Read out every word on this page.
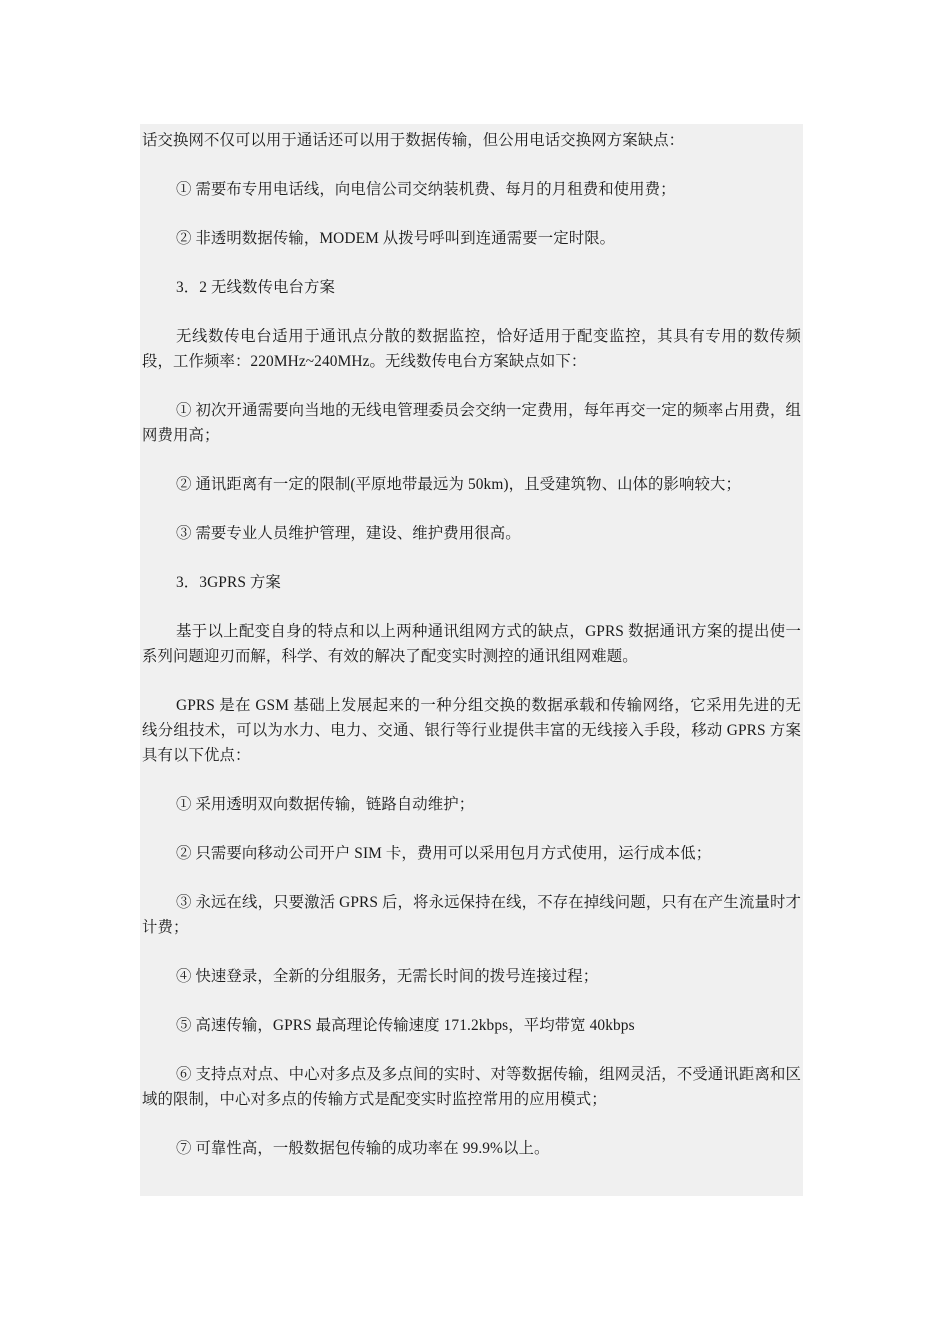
话交换网不仅可以用于通话还可以用于数据传输，但公用电话交换网方案缺点：

① 需要布专用电话线，向电信公司交纳装机费、每月的月租费和使用费；

② 非透明数据传输，MODEM 从拨号呼叫到连通需要一定时限。

3．2 无线数传电台方案

无线数传电台适用于通讯点分散的数据监控，恰好适用于配变监控，其具有专用的数传频段，工作频率：220MHz~240MHz。无线数传电台方案缺点如下：

① 初次开通需要向当地的无线电管理委员会交纳一定费用，每年再交一定的频率占用费，组网费用高；

② 通讯距离有一定的限制(平原地带最远为 50km)，且受建筑物、山体的影响较大；

③ 需要专业人员维护管理，建设、维护费用很高。

3．3GPRS 方案

基于以上配变自身的特点和以上两种通讯组网方式的缺点，GPRS 数据通讯方案的提出使一系列问题迎刃而解，科学、有效的解决了配变实时测控的通讯组网难题。

GPRS 是在 GSM 基础上发展起来的一种分组交换的数据承载和传输网络，它采用先进的无线分组技术，可以为水力、电力、交通、银行等行业提供丰富的无线接入手段，移动 GPRS 方案具有以下优点：

① 采用透明双向数据传输，链路自动维护；

② 只需要向移动公司开户 SIM 卡，费用可以采用包月方式使用，运行成本低；

③ 永远在线，只要激活 GPRS 后，将永远保持在线，不存在掉线问题，只有在产生流量时才计费；

④ 快速登录，全新的分组服务，无需长时间的拨号连接过程；

⑤ 高速传输，GPRS 最高理论传输速度 171.2kbps，平均带宽 40kbps

⑥ 支持点对点、中心对多点及多点间的实时、对等数据传输，组网灵活，不受通讯距离和区域的限制，中心对多点的传输方式是配变实时监控常用的应用模式；

⑦ 可靠性高，一般数据包传输的成功率在 99.9%以上。
